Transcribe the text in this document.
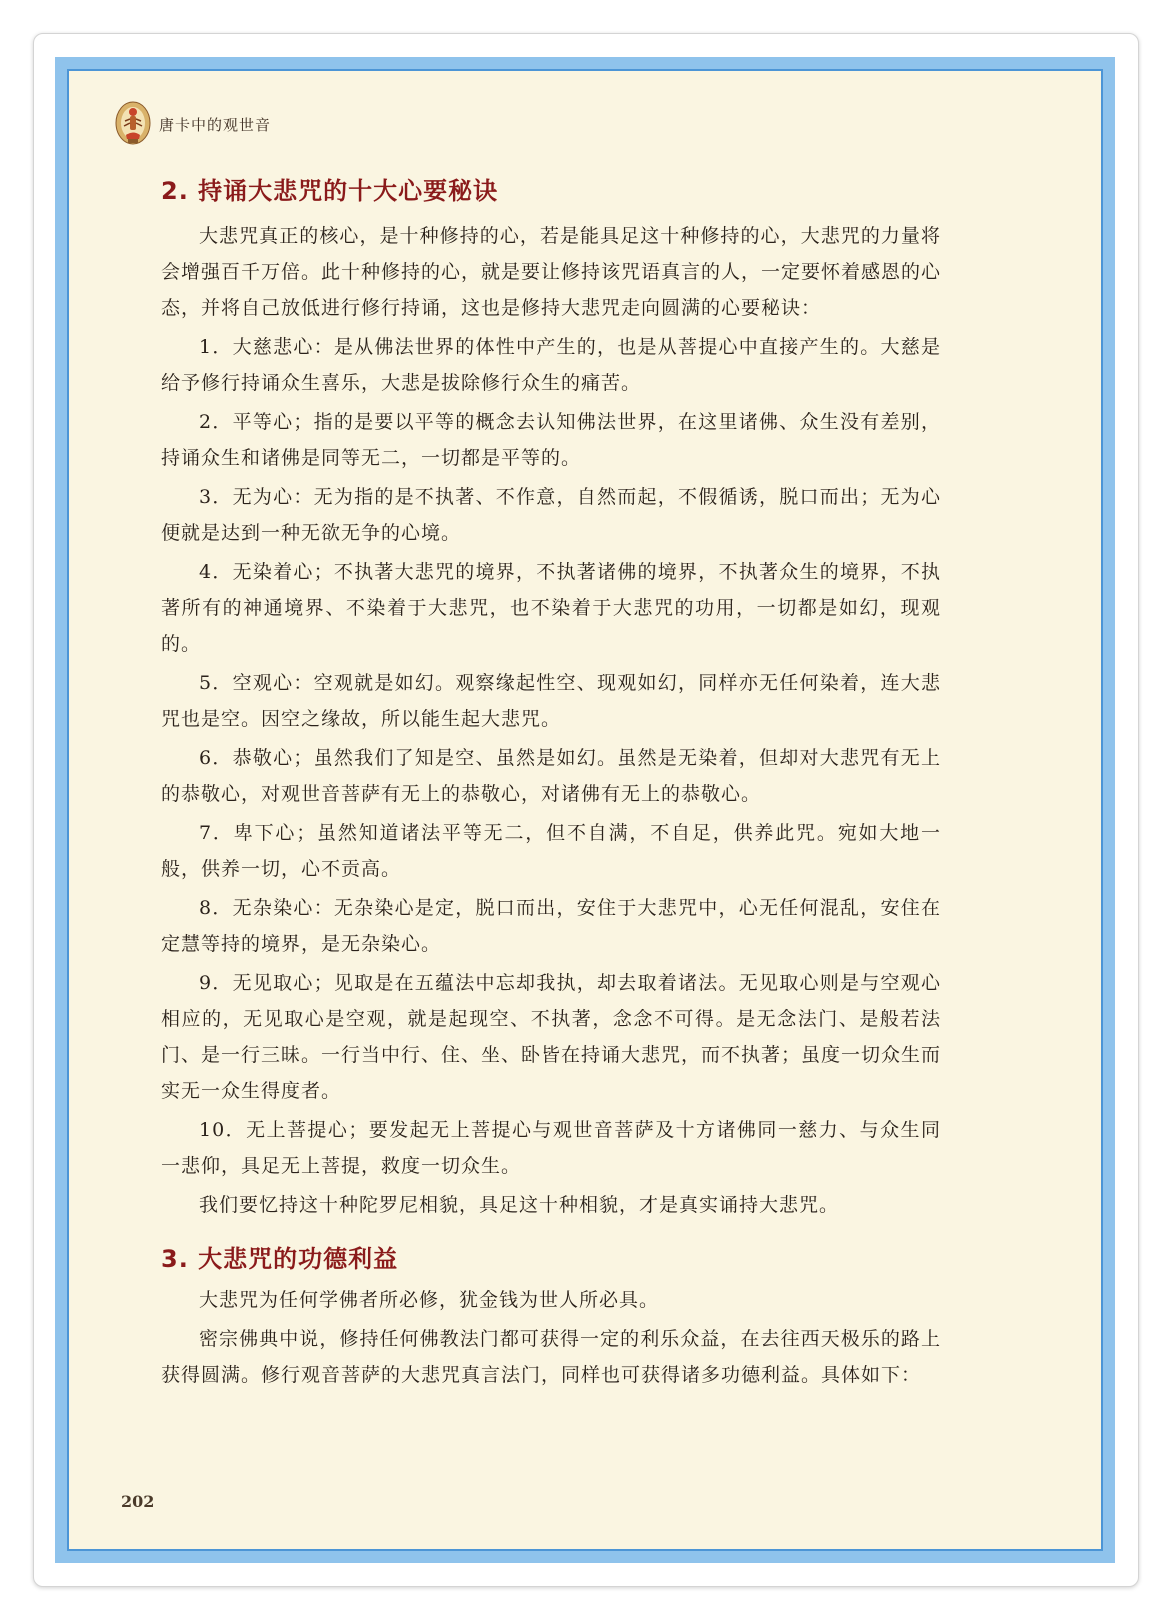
唐卡中的观世音
2. 持诵大悲咒的十大心要秘诀

大悲咒真正的核心，是十种修持的心，若是能具足这十种修持的心，大悲咒的力量将会增强百千万倍。此十种修持的心，就是要让修持该咒语真言的人，一定要怀着感恩的心态，并将自己放低进行修行持诵，这也是修持大悲咒走向圆满的心要秘诀：

1．大慈悲心：是从佛法世界的体性中产生的，也是从菩提心中直接产生的。大慈是给予修行持诵众生喜乐，大悲是拔除修行众生的痛苦。

2．平等心；指的是要以平等的概念去认知佛法世界，在这里诸佛、众生没有差别，持诵众生和诸佛是同等无二，一切都是平等的。

3．无为心：无为指的是不执著、不作意，自然而起，不假循诱，脱口而出；无为心便就是达到一种无欲无争的心境。

4．无染着心；不执著大悲咒的境界，不执著诸佛的境界，不执著众生的境界，不执著所有的神通境界、不染着于大悲咒，也不染着于大悲咒的功用，一切都是如幻，现观的。

5．空观心：空观就是如幻。观察缘起性空、现观如幻，同样亦无任何染着，连大悲咒也是空。因空之缘故，所以能生起大悲咒。

6．恭敬心；虽然我们了知是空、虽然是如幻。虽然是无染着，但却对大悲咒有无上的恭敬心，对观世音菩萨有无上的恭敬心，对诸佛有无上的恭敬心。

7．卑下心；虽然知道诸法平等无二，但不自满，不自足，供养此咒。宛如大地一般，供养一切，心不贡高。

8．无杂染心：无杂染心是定，脱口而出，安住于大悲咒中，心无任何混乱，安住在定慧等持的境界，是无杂染心。

9．无见取心；见取是在五蕴法中忘却我执，却去取着诸法。无见取心则是与空观心相应的，无见取心是空观，就是起现空、不执著，念念不可得。是无念法门、是般若法门、是一行三昧。一行当中行、住、坐、卧皆在持诵大悲咒，而不执著；虽度一切众生而实无一众生得度者。

10．无上菩提心；要发起无上菩提心与观世音菩萨及十方诸佛同一慈力、与众生同一悲仰，具足无上菩提，救度一切众生。

我们要忆持这十种陀罗尼相貌，具足这十种相貌，才是真实诵持大悲咒。

3. 大悲咒的功德利益

大悲咒为任何学佛者所必修，犹金钱为世人所必具。

密宗佛典中说，修持任何佛教法门都可获得一定的利乐众益，在去往西天极乐的路上获得圆满。修行观音菩萨的大悲咒真言法门，同样也可获得诸多功德利益。具体如下：

202
